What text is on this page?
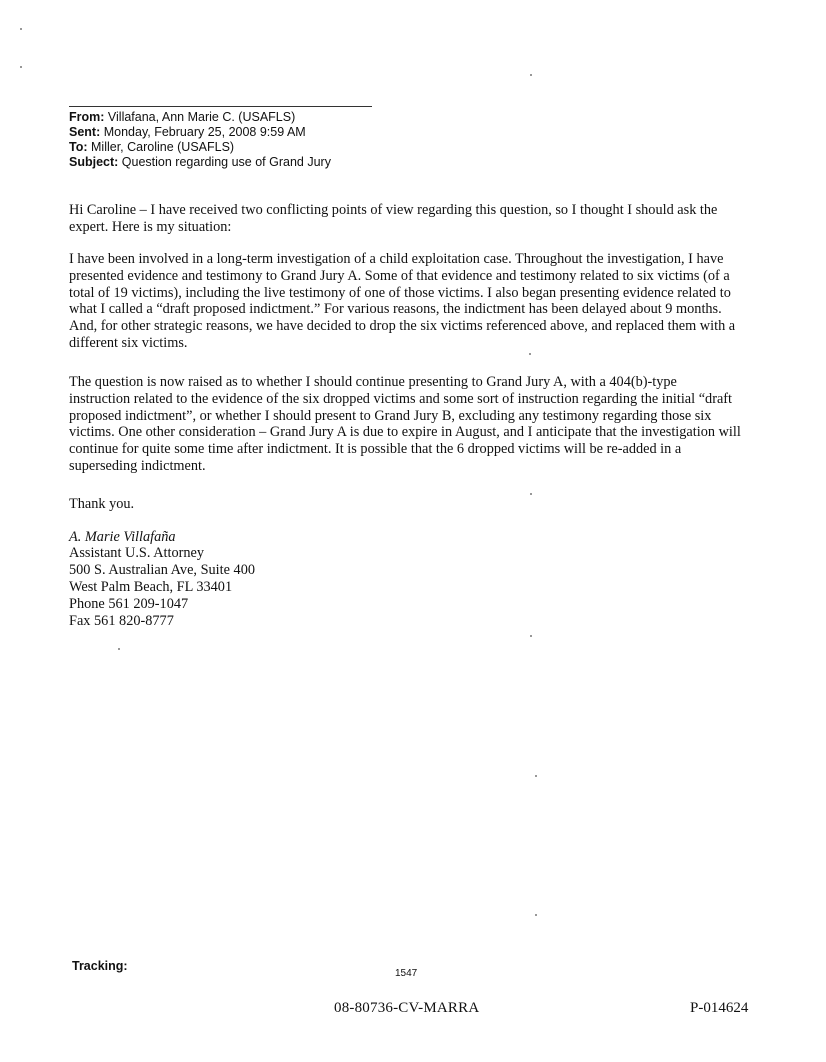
From: Villafana, Ann Marie C. (USAFLS)
Sent: Monday, February 25, 2008 9:59 AM
To: Miller, Caroline (USAFLS)
Subject: Question regarding use of Grand Jury
Hi Caroline – I have received two conflicting points of view regarding this question, so I thought I should ask the expert. Here is my situation:
I have been involved in a long-term investigation of a child exploitation case. Throughout the investigation, I have presented evidence and testimony to Grand Jury A. Some of that evidence and testimony related to six victims (of a total of 19 victims), including the live testimony of one of those victims. I also began presenting evidence related to what I called a “draft proposed indictment.” For various reasons, the indictment has been delayed about 9 months. And, for other strategic reasons, we have decided to drop the six victims referenced above, and replaced them with a different six victims.
The question is now raised as to whether I should continue presenting to Grand Jury A, with a 404(b)-type instruction related to the evidence of the six dropped victims and some sort of instruction regarding the initial “draft proposed indictment”, or whether I should present to Grand Jury B, excluding any testimony regarding those six victims. One other consideration – Grand Jury A is due to expire in August, and I anticipate that the investigation will continue for quite some time after indictment. It is possible that the 6 dropped victims will be re-added in a superseding indictment.
Thank you.
A. Marie Villafaña
Assistant U.S. Attorney
500 S. Australian Ave, Suite 400
West Palm Beach, FL 33401
Phone 561 209-1047
Fax 561 820-8777
Tracking:
1547
08-80736-CV-MARRA	P-014624
